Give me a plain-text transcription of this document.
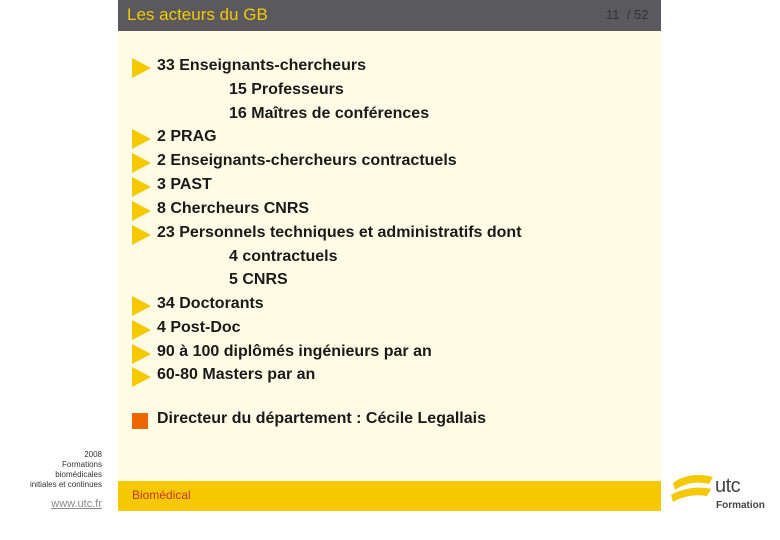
Les acteurs du GB	11 / 52
33 Enseignants-chercheurs
15 Professeurs
16 Maîtres de conférences
2 PRAG
2 Enseignants-chercheurs contractuels
3 PAST
8 Chercheurs CNRS
23 Personnels techniques et administratifs dont
4 contractuels
5 CNRS
34 Doctorants
4 Post-Doc
90 à 100 diplômés ingénieurs par an
60-80 Masters par an
Directeur du département : Cécile Legallais
Biomédical
2008
Formations
biomédicales
initiales et continues
www.utc.fr
utc
Formation
